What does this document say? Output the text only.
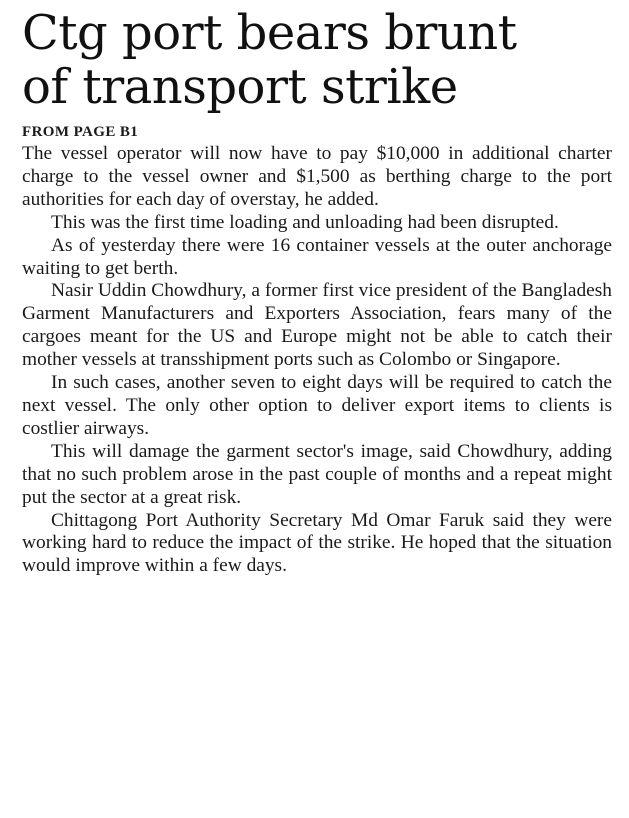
Ctg port bears brunt
of transport strike
FROM PAGE B1

The vessel operator will now have to pay $10,000 in additional charter charge to the vessel owner and $1,500 as berthing charge to the port authorities for each day of overstay, he added.

This was the first time loading and unloading had been disrupted.

As of yesterday there were 16 container vessels at the outer anchorage waiting to get berth.

Nasir Uddin Chowdhury, a former first vice president of the Bangladesh Garment Manufacturers and Exporters Association, fears many of the cargoes meant for the US and Europe might not be able to catch their mother vessels at transshipment ports such as Colombo or Singapore.

In such cases, another seven to eight days will be required to catch the next vessel. The only other option to deliver export items to clients is costlier airways.

This will damage the garment sector's image, said Chowdhury, adding that no such problem arose in the past couple of months and a repeat might put the sector at a great risk.

Chittagong Port Authority Secretary Md Omar Faruk said they were working hard to reduce the impact of the strike. He hoped that the situation would improve within a few days.
